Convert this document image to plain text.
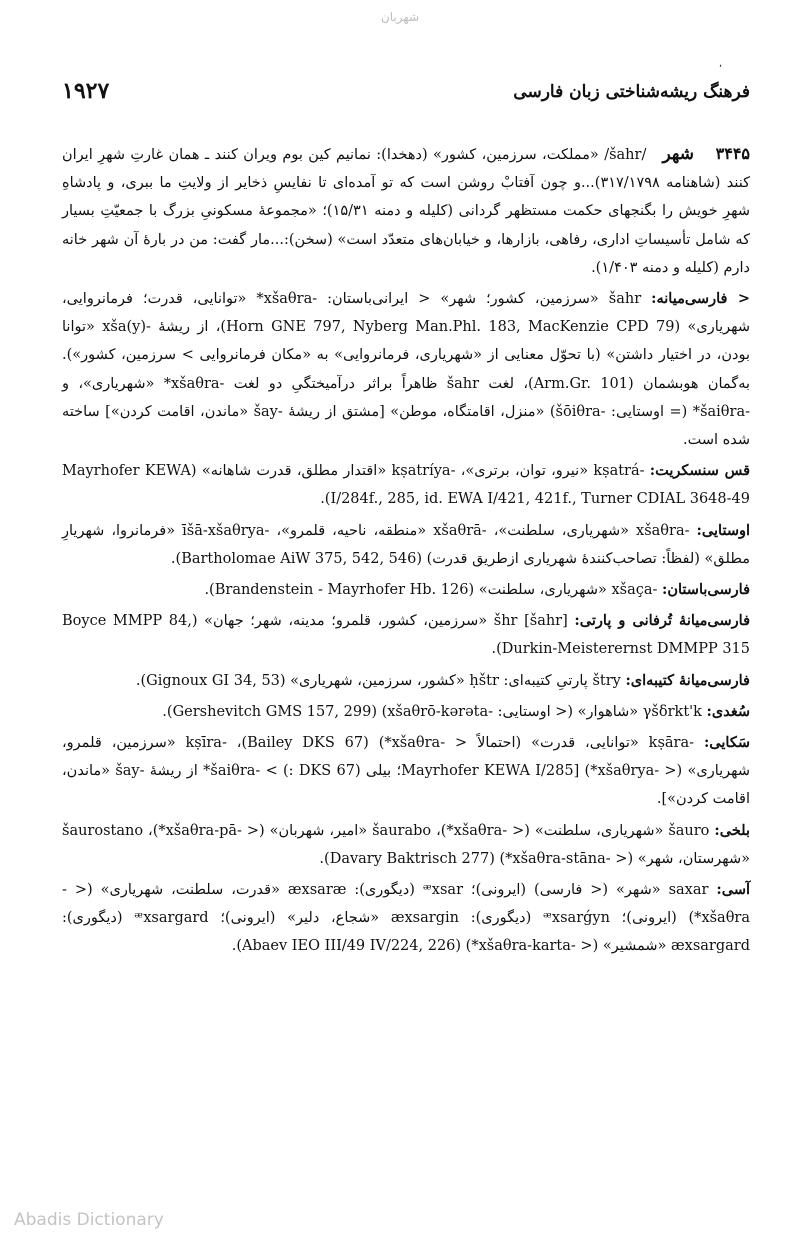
شهربان
۱۹۲۷
٬
فرهنگ ریشه‌شناختی زبان فارسی

۳۴۴۵    شهر   /šahr/ «مملکت، سرزمین، کشور» (دهخدا): نمانیم کین بوم ویران کنند ـ همان غارتِ شهرِ ایران کنند (شاهنامه ۳۱۷/۱۷۹۸)...و چون آفتابْ روشن است که تو آمده‌ای تا نفایسِ ذخایر از ولایتِ ما ببری، و پادشاهِ شهرِ خویش را بگنجهای حکمت مستظهر گردانی (کلیله و دمنه ۱۵/۳۱)؛ «مجموعهٔ مسکونیِ بزرگ با جمعیّتِ بسیار که شامل تأسیساتِ اداری، رفاهی، بازارها، و خیابان‌های متعدّد است» (سخن):...مار گفت: من در بارهٔ آن شهر خانه دارم (کلیله و دمنه ۱/۴۰۳).

< فارسی‌میانه: šahr «سرزمین، کشور؛ شهر» < ایرانی‌باستان: -xšaθra* «توانایی، قدرت؛ فرمانروایی، شهریاری» (Horn GNE 797, Nyberg Man.Phl. 183, MacKenzie CPD 79)، از ریشهٔ -(xša(y «توانا بودن، در اختیار داشتن» (با تحوّل معنایی از «شهریاری، فرمانروایی» به «مکان فرمانروایی > سرزمین، کشور»). به‌گمان هوبشمان (Arm.Gr. 101)، لغت šahr ظاهراً براثر درآمیختگیِ دو لغت -xšaθra* «شهریاری»، و -šaiθra* (= اوستایی: -šōiθra) «منزل، اقامتگاه، موطن» [مشتق از ریشهٔ -šay «ماندن، اقامت کردن»] ساخته شده است.

قس سنسکریت: -kṣatrá «نیرو، توان، برتری»، -kṣatríya «اقتدار مطلق، قدرت شاهانه» (Mayrhofer KEWA I/284f., 285, id. EWA I/421, 421f., Turner CDIAL 3648-49).

اوستایی: -xšaθra «شهریاری، سلطنت»، -xšaθrā «منطقه، ناحیه، قلمرو»، -īšā-xšaθrya «فرمانروا، شهریارِ مطلق» (لفظاً: تصاحب‌کنندهٔ شهریاری ازطریق قدرت) (Bartholomae AiW 375, 542, 546).

فارسی‌باستان: -xšaça «شهریاری، سلطنت» (Brandenstein - Mayrhofer Hb. 126).

فارسی‌میانهٔ تُرفانی و پارتی: šhr [šahr] «سرزمین، کشور، قلمرو؛ مدینه، شهر؛ جهان» (Boyce MMPP 84, Durkin-Meisterernst DMMPP 315).

فارسی‌میانهٔ کتیبه‌ای: štry پارتیِ کتیبه‌ای: ḥštr «کشور، سرزمین، شهریاری» (Gignoux GI 34, 53).

سُغدی: γšδrkt'k «شاهوار» (< اوستایی: -xšaθrō-kərəta) (Gershevitch GMS 157, 299).

سَکایی: -kṣāra «توانایی، قدرت» (احتمالاً < -xšaθra*) (Bailey DKS 67)، -kṣīra «سرزمین، قلمرو، شهریاری» (< -xšaθrya*) [Mayrhofer KEWA I/285؛ بیلی (DKS 67 :) > -šaiθra* از ریشهٔ -šay «ماندن، اقامت کردن»].

بلخی: šauro «شهریاری، سلطنت» (< -xšaθra*)، šaurabo «امیر، شهربان» (< -xšaθra-pā*)، šaurostano «شهرستان، شهر» (< -xšaθra-stāna*) (Davary Baktrisch 277).

آسی: saxar «شهر» (< فارسی) (ایرونی)؛ ᵆxsar (دیگوری): æxsaræ «قدرت، سلطنت، شهریاری» (< -xšaθra*) (ایرونی)؛ ᵆxsarǵyn (دیگوری): æxsargin «شجاع، دلیر» (ایرونی)؛ ᵆxsargard (دیگوری): æxsargard «شمشیر» (< -xšaθra-karta*) (Abaev IEO III/49 IV/224, 226).

Abadis Dictionary
